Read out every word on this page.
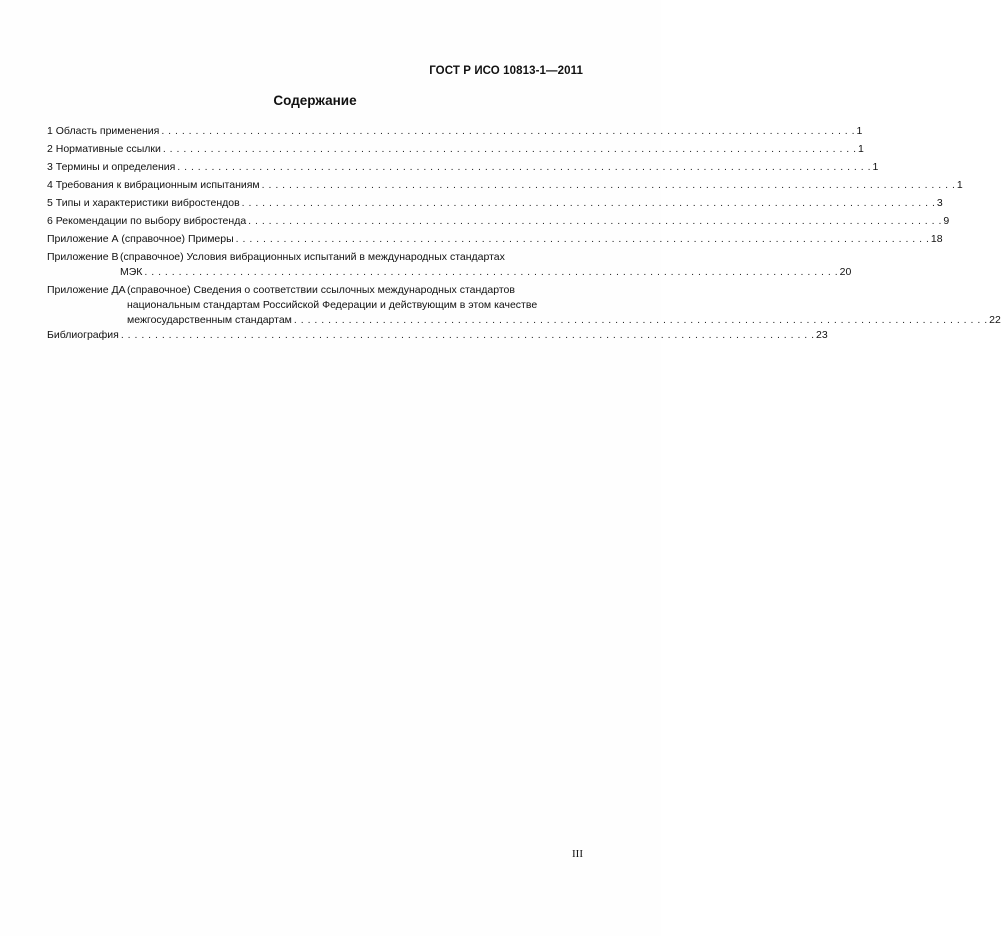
ГОСТ Р ИСО 10813-1—2011
Содержание
1 Область применения . . .	1
2 Нормативные ссылки . . .	1
3 Термины и определения . . .	1
4 Требования к вибрационным испытаниям . . .	1
5 Типы и характеристики вибростендов . . .	3
6 Рекомендации по выбору вибростенда . . .	9
Приложение А (справочное) Примеры . . .	18
Приложение В (справочное) Условия вибрационных испытаний в международных стандартах
МЭК . . .	20
Приложение ДА (справочное) Сведения о соответствии ссылочных международных стандартов
национальным стандартам Российской Федерации и действующим в этом качестве
межгосударственным стандартам . . .	22
Библиография . . .	23
III
